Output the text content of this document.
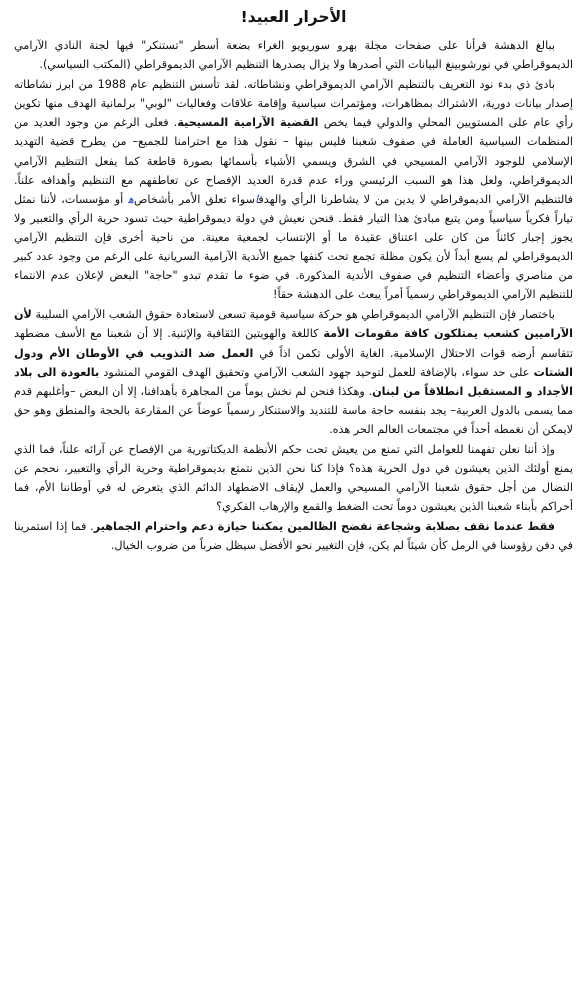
الأحرار العبيد!

ببالغ الدهشة قرأنا على صفحات مجلة بهرو سوريويو الغراء بضعة أسطر "تستنكر" فيها لجنة النادي الآرامي الديموقراطي في نورشوبينغ البيانات التي أصدرها ولا يزال يصدرها التنظيم الآرامي الديموقراطي (المكتب السياسي).

بادئ ذي بدء نود التعريف بالتنظيم الآرامي الديموقراطي ونشاطاته. لقد تأسس التنظيم عام 1988 من ابرز نشاطاته إصدار بيانات دورية، الاشتراك بمظاهرات، ومؤتمرات سياسية وإقامة علاقات وفعاليات "لوبي" برلمانية الهدف منها تكوين رأي عام على المستويين المحلي والدولي فيما يخص القضية الآرامية المسيحية. فعلى الرغم من وجود العديد من المنظمات السياسية العاملة في صفوف شعبنا فليس بينها – نقول هذا مع احترامنا للجميع– من يطرح قضية التهديد الإسلامي للوجود الآرامي المسيحي في الشرق ويسمي الأشياء بأسمائها بصورة قاطعة كما يفعل التنظيم الآرامي الديموقراطي، ولعل هذا هو السبب الرئيسي وراء عدم قدرة العديد الإفصاح عن تعاطفهم مع التنظيم وأهدافه علناً. فالتنظيم الآرامي الديموقراطي لا يدين من لا يشاطرنا الرأي والهدفاسواء تعلق الأمر بأشخاصﻫ أو مؤسسات، لأننا نمثل تياراً فكرياً سياسياً ومن يتبع مبادئ هذا التيار فقط. فنحن نعيش في دولة ديموقراطية حيث تسود حرية الرأي والتعبير ولا يجوز إجبار كائناً من كان على اعتناق عقيدة ما أو الإنتساب لجمعية معينة. من ناحية أخرى فإن التنظيم الآرامي الديموقراطي لم يسع أبداً لأن يكون مظلة تجمع تحت كنفها جميع الأندية الآرامية السريانية على الرغم من وجود عدد كبير من مناصري وأعضاء التنظيم في صفوف الأندية المذكورة. في ضوء ما تقدم تبدو "حاجة" البعض لإعلان عدم الانتماء للتنظيم الآرامي الديموقراطي رسمياً أمراً يبعث على الدهشة حقاً!

باختصار فإن التنظيم الآرامي الديموقراطي هو حركة سياسية قومية تسعى لاستعادة حقوق الشعب الآرامي السليبة لأن الآراميين كشعب يمتلكون كافة مقومات الأمة كاللغة والهويتين الثقافية والإثنية. إلا أن شعبنا مع الأسف مضطهد تتقاسم أرضه قوات الاحتلال الإسلامية. الغاية الأولى تكمن اذاً في العمل ضد التذويب في الأوطان الأم ودول الشتات على حد سواء، بالإضافة للعمل لتوحيد جهود الشعب الآرامي وتحقيق الهدف القومي المنشود بالعودة الى بلاد الأجداد و المستقبل انطلاقاً من لبنان. وهكذا فنحن لم نخش يوماً من المجاهرة بأهدافنا، إلا أن البعض –وأغلبهم قدم مما يسمى بالدول العربية– يجد بنفسه حاجة ماسة للتنديد والاستنكار رسمياً عوضاً عن المقارعة بالحجة والمنطق وهو حق لايمكن أن نغمطه أحداً في مجتمعات العالم الحر هذه.

وإذ أننا نعلن تفهمنا للعوامل التي تمنع من يعيش تحت حكم الأنظمة الديكتاتورية من الإفصاح عن آرائه علناً، فما الذي يمنع أولئك الذين يعيشون في دول الحرية هذه؟ فإذا كنا نحن الذين نتمتع بديموقراطية وحرية الرأي والتعبير، نحجم عن النضال من أجل حقوق شعبنا الآرامي المسيحي والعمل لإيقاف الاضطهاد الدائم الذي يتعرض له في أوطاننا الأم، فما أحراكم بأبناء شعبنا الذين يعيشون دوماً تحت الضغط والقمع والإرهاب الفكري؟

فقط عندما نقف بصلابة وشجاعة نفضح الظالمين يمكننا حيازة دعم واحترام الجماهير. فما إذا استمرينا في دفن رؤوسنا في الرمل كأن شيئاً لم يكن، فإن التغيير نحو الأفضل سيظل ضرباً من ضروب الخيال.
